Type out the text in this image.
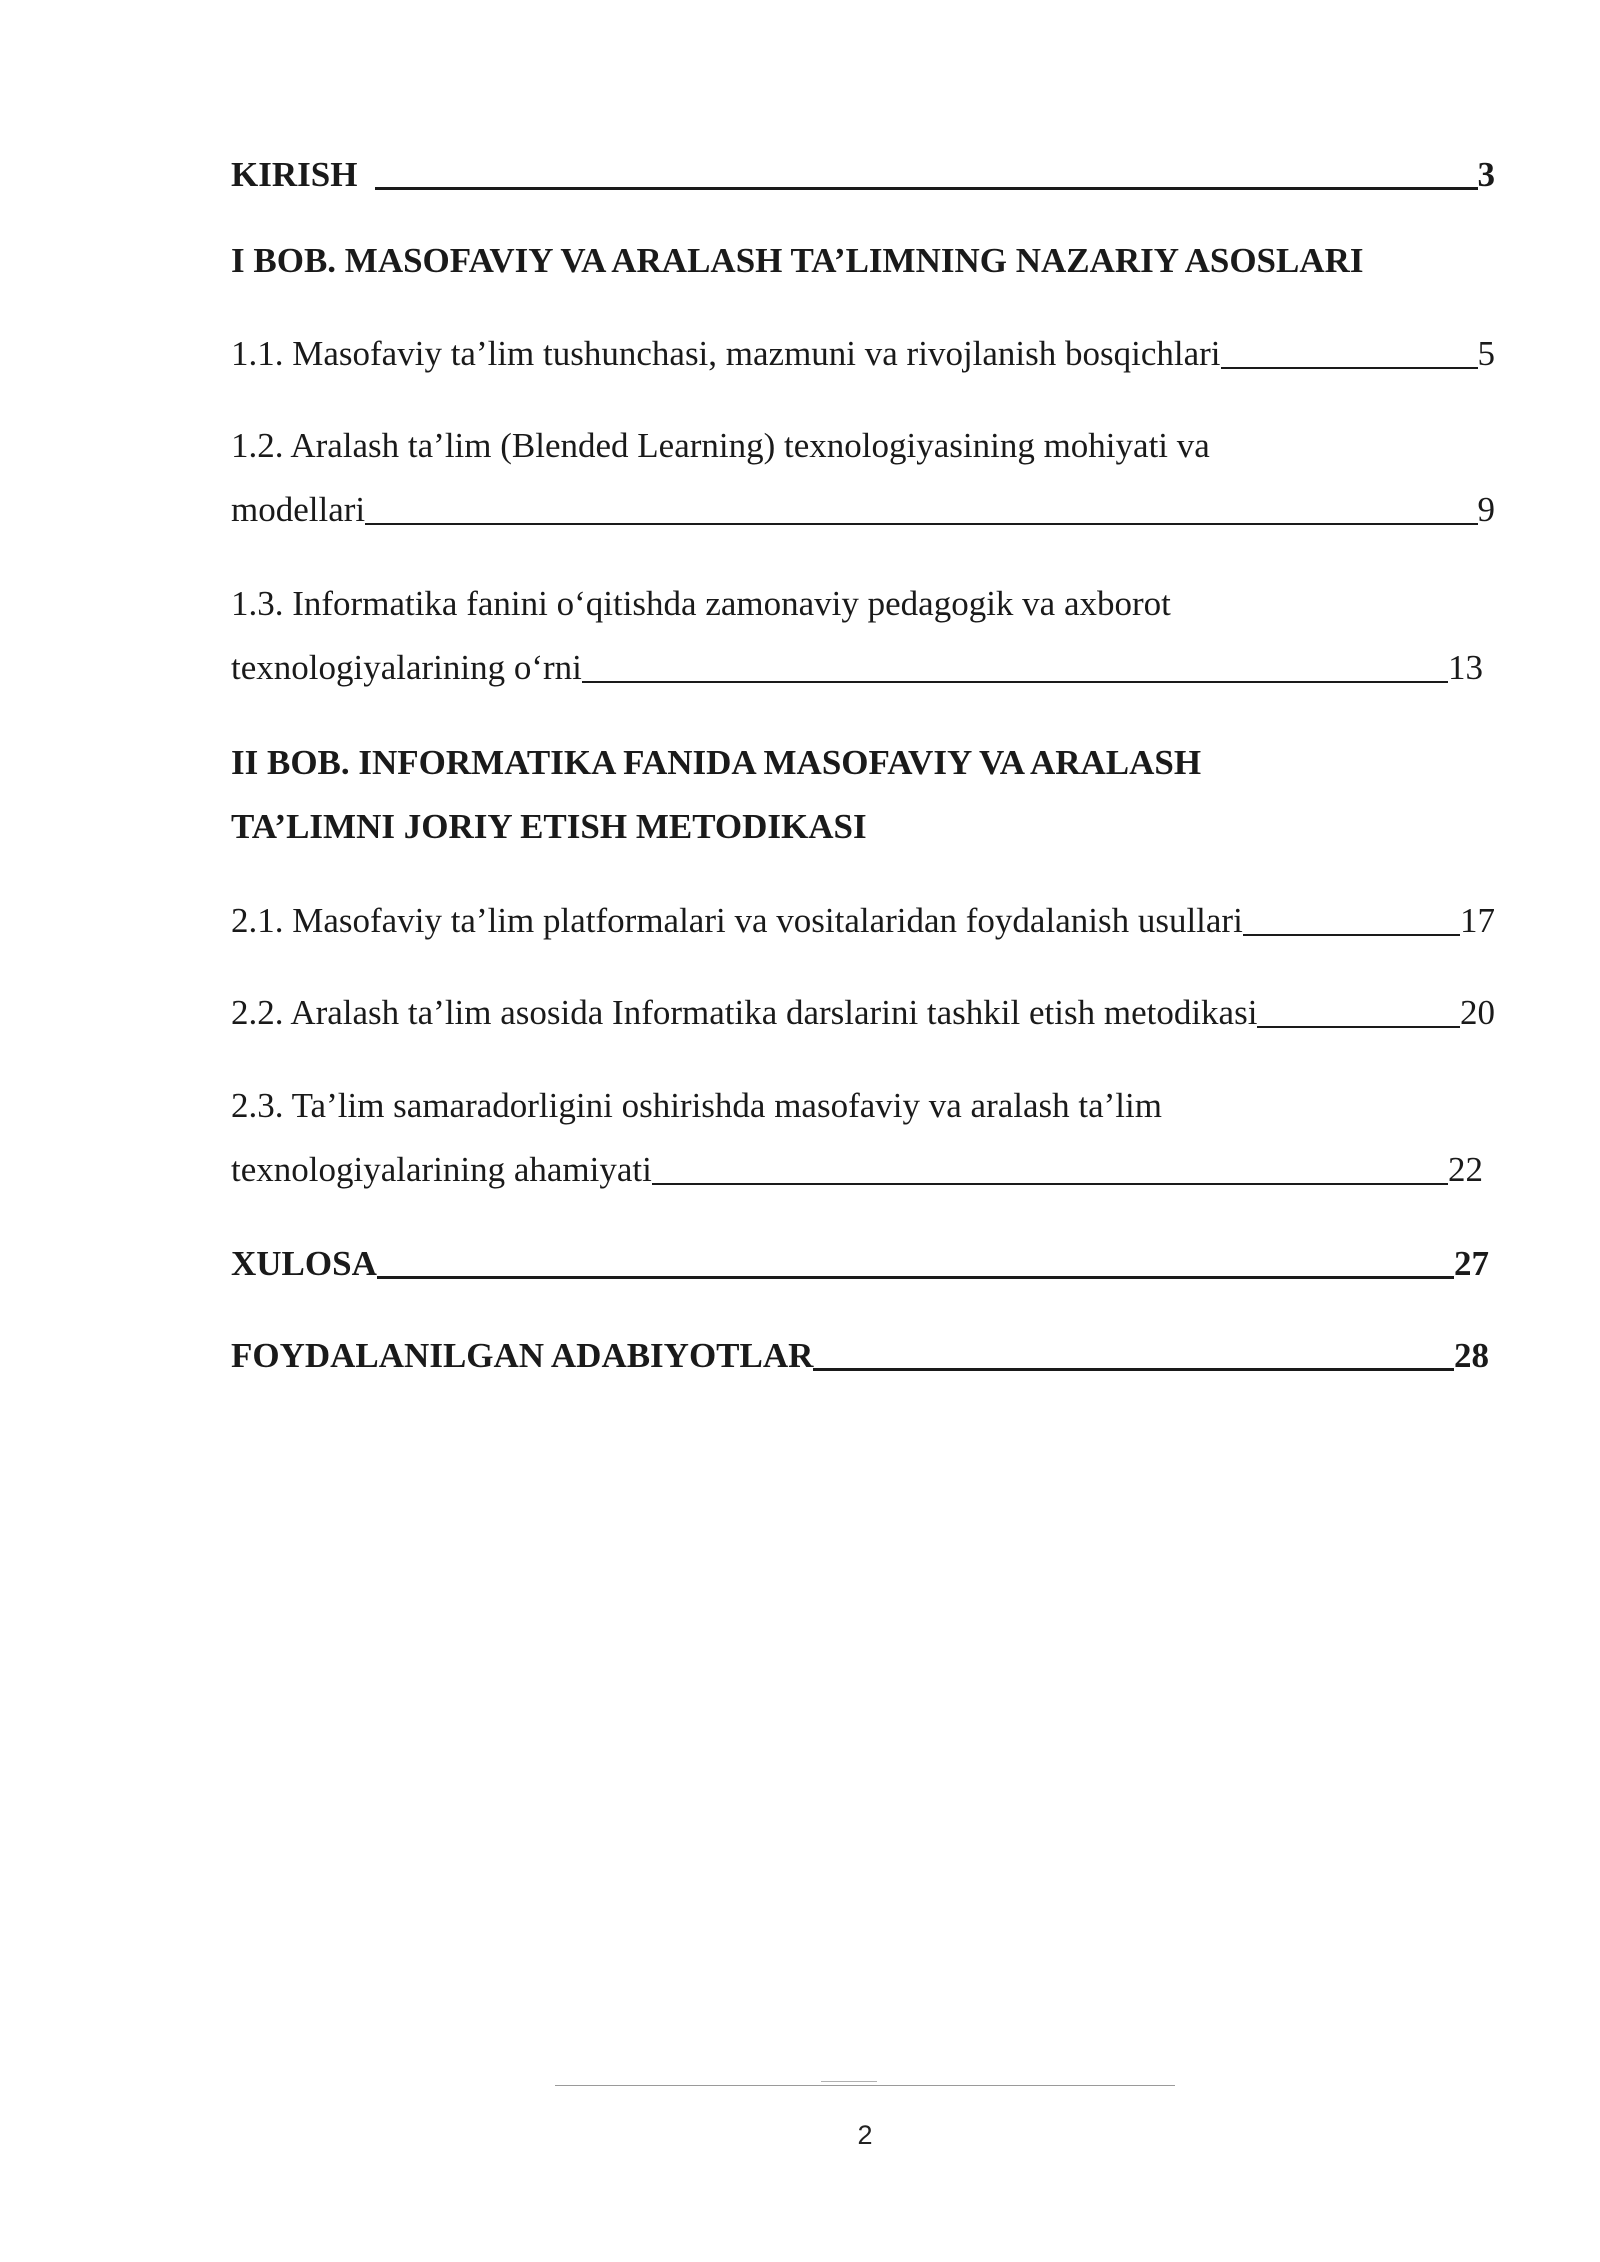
KIRISH	3
I BOB. MASOFAVIY VA ARALASH TA’LIMNING NAZARIY ASOSLARI
1.1. Masofaviy ta’lim tushunchasi, mazmuni va rivojlanish bosqichlari	5
1.2. Aralash ta’lim (Blended Learning) texnologiyasining mohiyati va
modellari	9
1.3. Informatika fanini o‘qitishda zamonaviy pedagogik va axborot
texnologiyalarining o‘rni	13
II BOB. INFORMATIKA FANIDA MASOFAVIY VA ARALASH
TA’LIMNI JORIY ETISH METODIKASI
2.1. Masofaviy ta’lim platformalari va vositalaridan foydalanish usullari	17
2.2. Aralash ta’lim asosida Informatika darslarini tashkil etish metodikasi	20
2.3. Ta’lim samaradorligini oshirishda masofaviy va aralash ta’lim
texnologiyalarining ahamiyati	22
XULOSA	27
FOYDALANILGAN ADABIYOTLAR	28
2
